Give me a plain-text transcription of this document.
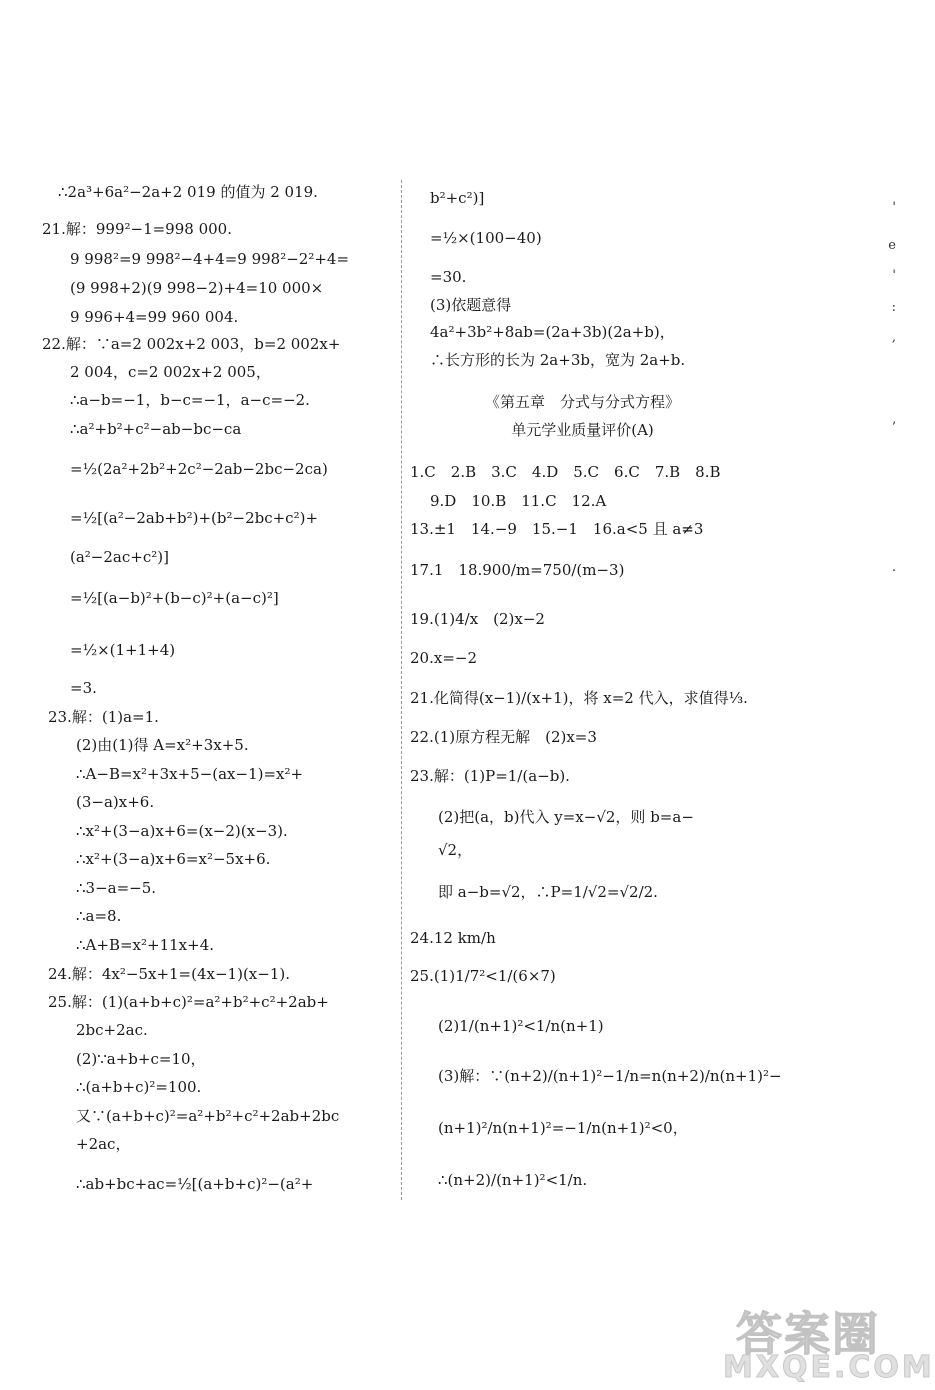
∴2a³+6a²−2a+2 019 的值为 2 019.
21.解：999²−1=998 000.
9 998²=9 998²−4+4=9 998²−2²+4=
(9 998+2)(9 998−2)+4=10 000×
9 996+4=99 960 004.
22.解：∵a=2 002x+2 003，b=2 002x+
2 004，c=2 002x+2 005，
∴a−b=−1，b−c=−1，a−c=−2.
∴a²+b²+c²−ab−bc−ca
=½(2a²+2b²+2c²−2ab−2bc−2ca)
=½[(a²−2ab+b²)+(b²−2bc+c²)+
(a²−2ac+c²)]
=½[(a−b)²+(b−c)²+(a−c)²]
=½×(1+1+4)
=3.
23.解：(1)a=1.
(2)由(1)得 A=x²+3x+5.
∴A−B=x²+3x+5−(ax−1)=x²+
(3−a)x+6.
∴x²+(3−a)x+6=(x−2)(x−3).
∴x²+(3−a)x+6=x²−5x+6.
∴3−a=−5.
∴a=8.
∴A+B=x²+11x+4.
24.解：4x²−5x+1=(4x−1)(x−1).
25.解：(1)(a+b+c)²=a²+b²+c²+2ab+
2bc+2ac.
(2)∵a+b+c=10，
∴(a+b+c)²=100.
又∵(a+b+c)²=a²+b²+c²+2ab+2bc
+2ac，
∴ab+bc+ac=½[(a+b+c)²−(a²+
b²+c²)]
=½×(100−40)
=30.
(3)依题意得
4a²+3b²+8ab=(2a+3b)(2a+b)，
∴长方形的长为 2a+3b，宽为 2a+b.
《第五章　分式与分式方程》
单元学业质量评价(A)
1.C　2.B　3.C　4.D　5.C　6.C　7.B　8.B
9.D　10.B　11.C　12.A
13.±1　14.−9　15.−1　16.a<5 且 a≠3
17.1　18.900/m=750/(m−3)
19.(1)4/x　(2)x−2
20.x=−2
21.化简得(x−1)/(x+1)，将 x=2 代入，求值得⅓.
22.(1)原方程无解　(2)x=3
23.解：(1)P=1/(a−b).
(2)把(a，b)代入 y=x−√2，则 b=a−
√2，
即 a−b=√2，∴P=1/√2=√2/2.
24.12 km/h
25.(1)1/7²<1/(6×7)
(2)1/(n+1)²<1/n(n+1)
(3)解：∵(n+2)/(n+1)²−1/n=n(n+2)/n(n+1)²−
(n+1)²/n(n+1)²=−1/n(n+1)²<0，
∴(n+2)/(n+1)²<1/n.
'
e
'
:
,
’
.
答案圈
MXQE.COM
